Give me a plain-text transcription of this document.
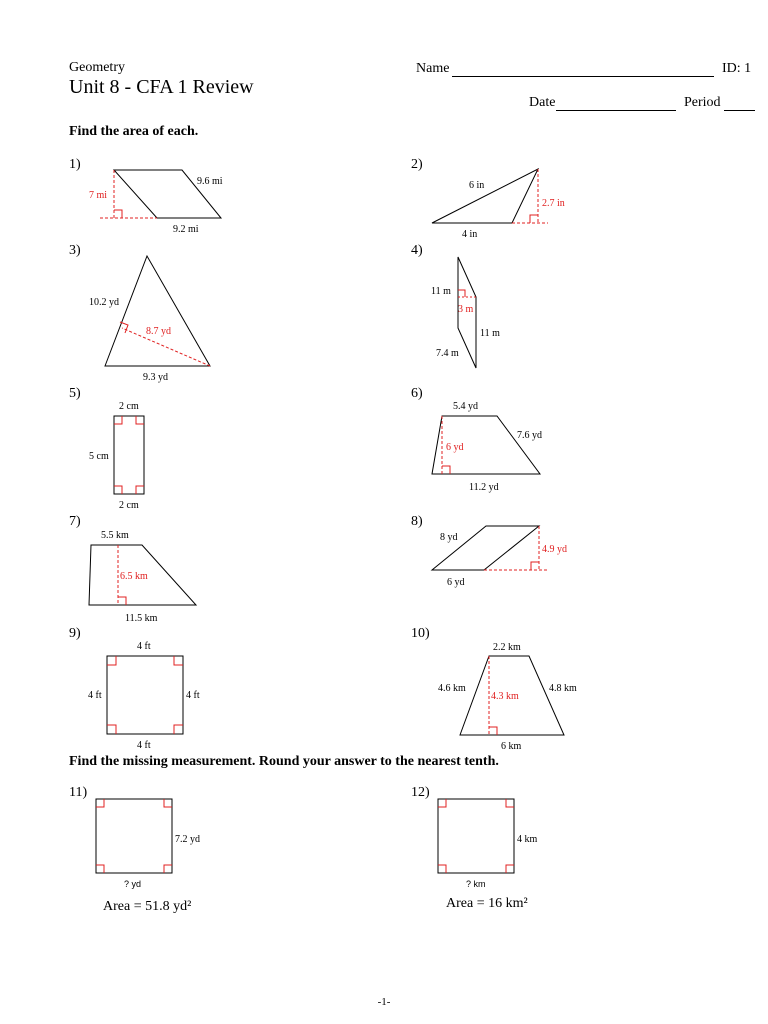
Geometry
Unit 8 - CFA 1 Review
Name	ID: 1
Date	Period
Find the area of each.
Find the missing measurement. Round your answer to the nearest tenth.
1)	2)
3)	4)
5)	6)
7)	8)
9)	10)
11)	12)
Area = 51.8 yd²	Area = 16 km²
9.6 mi
7 mi
9.2 mi
6 in
2.7 in
4 in
10.2 yd
8.7 yd
9.3 yd
11 m
3 m
11 m
7.4 m
2 cm
5 cm
2 cm
5.4 yd
7.6 yd
6 yd
11.2 yd
5.5 km
6.5 km
11.5 km
8 yd
4.9 yd
6 yd
4 ft
4 ft	4 ft
4 ft
2.2 km
4.6 km
4.3 km
4.8 km
6 km
7.2 yd
? yd
4 km
? km
-1-
